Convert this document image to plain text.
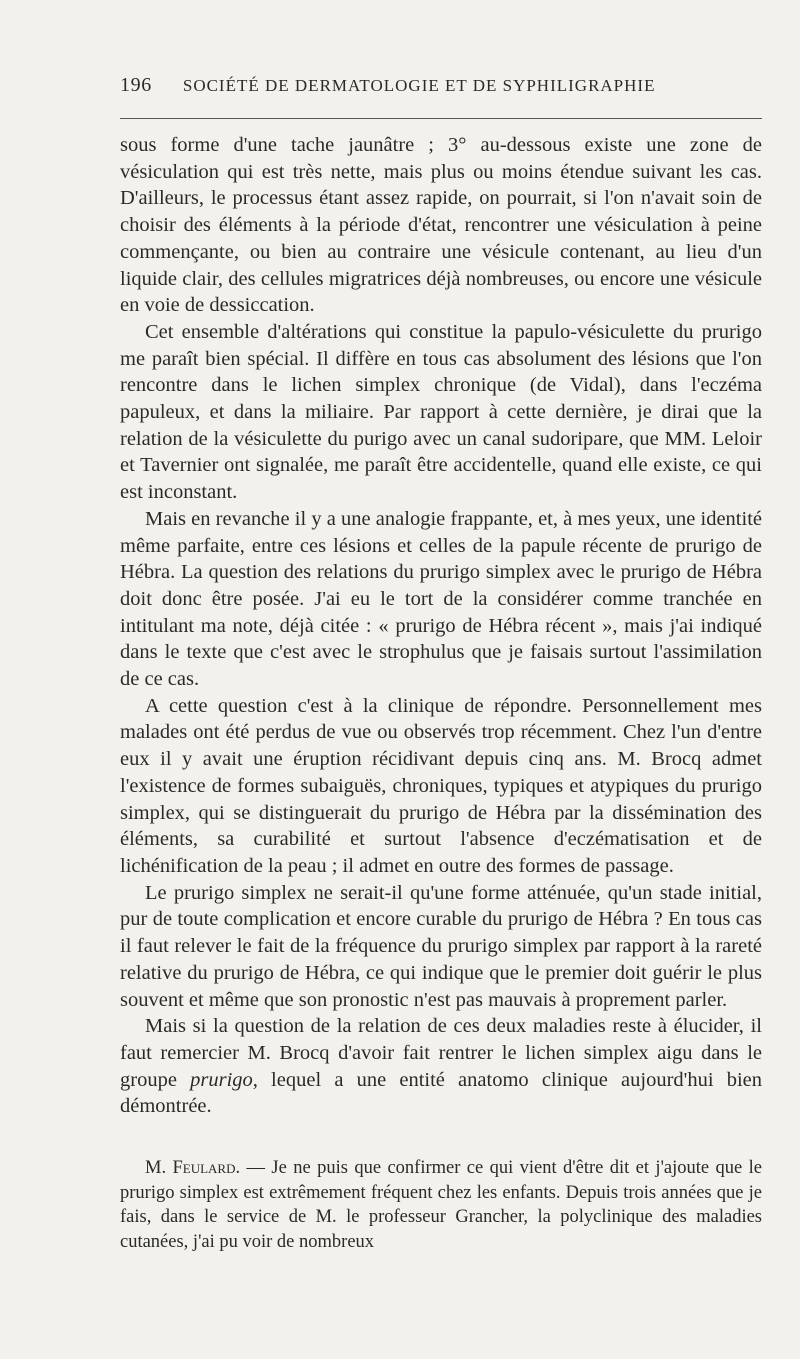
196 SOCIÉTÉ DE DERMATOLOGIE ET DE SYPHILIGRAPHIE

sous forme d'une tache jaunâtre ; 3° au-dessous existe une zone de vésiculation qui est très nette, mais plus ou moins étendue suivant les cas. D'ailleurs, le processus étant assez rapide, on pourrait, si l'on n'avait soin de choisir des éléments à la période d'état, rencontrer une vésiculation à peine commençante, ou bien au contraire une vésicule contenant, au lieu d'un liquide clair, des cellules migratrices déjà nombreuses, ou encore une vésicule en voie de dessiccation.

Cet ensemble d'altérations qui constitue la papulo-vésiculette du prurigo me paraît bien spécial. Il diffère en tous cas absolument des lésions que l'on rencontre dans le lichen simplex chronique (de Vidal), dans l'eczéma papuleux, et dans la miliaire. Par rapport à cette dernière, je dirai que la relation de la vésiculette du purigo avec un canal sudoripare, que MM. Leloir et Tavernier ont signalée, me paraît être accidentelle, quand elle existe, ce qui est inconstant.

Mais en revanche il y a une analogie frappante, et, à mes yeux, une identité même parfaite, entre ces lésions et celles de la papule récente de prurigo de Hébra. La question des relations du prurigo simplex avec le prurigo de Hébra doit donc être posée. J'ai eu le tort de la considérer comme tranchée en intitulant ma note, déjà citée : « prurigo de Hébra récent », mais j'ai indiqué dans le texte que c'est avec le strophulus que je faisais surtout l'assimilation de ce cas.

A cette question c'est à la clinique de répondre. Personnellement mes malades ont été perdus de vue ou observés trop récemment. Chez l'un d'entre eux il y avait une éruption récidivant depuis cinq ans. M. Brocq admet l'existence de formes subaiguës, chroniques, typiques et atypiques du prurigo simplex, qui se distinguerait du prurigo de Hébra par la dissémination des éléments, sa curabilité et surtout l'absence d'eczématisation et de lichénification de la peau ; il admet en outre des formes de passage.

Le prurigo simplex ne serait-il qu'une forme atténuée, qu'un stade initial, pur de toute complication et encore curable du prurigo de Hébra ? En tous cas il faut relever le fait de la fréquence du prurigo simplex par rapport à la rareté relative du prurigo de Hébra, ce qui indique que le premier doit guérir le plus souvent et même que son pronostic n'est pas mauvais à proprement parler.

Mais si la question de la relation de ces deux maladies reste à élucider, il faut remercier M. Brocq d'avoir fait rentrer le lichen simplex aigu dans le groupe prurigo, lequel a une entité anatomo clinique aujourd'hui bien démontrée.

M. Feulard. — Je ne puis que confirmer ce qui vient d'être dit et j'ajoute que le prurigo simplex est extrêmement fréquent chez les enfants. Depuis trois années que je fais, dans le service de M. le professeur Grancher, la polyclinique des maladies cutanées, j'ai pu voir de nombreux
